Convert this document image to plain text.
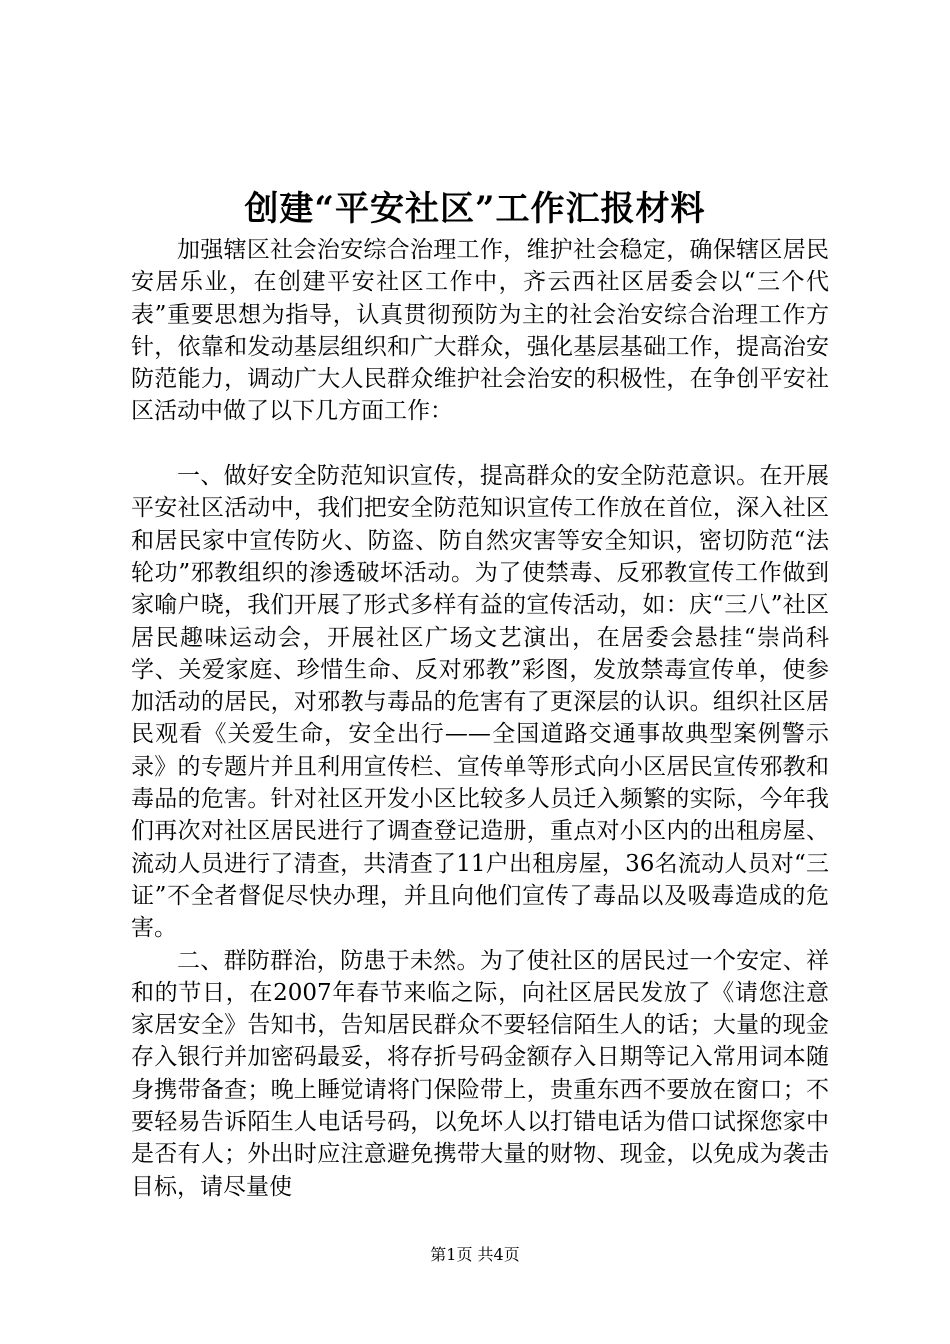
创建“平安社区”工作汇报材料

加强辖区社会治安综合治理工作，维护社会稳定，确保辖区居民安居乐业，在创建平安社区工作中，齐云西社区居委会以“三个代表”重要思想为指导，认真贯彻预防为主的社会治安综合治理工作方针，依靠和发动基层组织和广大群众，强化基层基础工作，提高治安防范能力，调动广大人民群众维护社会治安的积极性，在争创平安社区活动中做了以下几方面工作：

一、做好安全防范知识宣传，提高群众的安全防范意识。在开展平安社区活动中，我们把安全防范知识宣传工作放在首位，深入社区和居民家中宣传防火、防盗、防自然灾害等安全知识，密切防范“法轮功”邪教组织的渗透破坏活动。为了使禁毒、反邪教宣传工作做到家喻户晓，我们开展了形式多样有益的宣传活动，如：庆“三八”社区居民趣味运动会，开展社区广场文艺演出，在居委会悬挂“崇尚科学、关爱家庭、珍惜生命、反对邪教”彩图，发放禁毒宣传单，使参加活动的居民，对邪教与毒品的危害有了更深层的认识。组织社区居民观看《关爱生命，安全出行——全国道路交通事故典型案例警示录》的专题片并且利用宣传栏、宣传单等形式向小区居民宣传邪教和毒品的危害。针对社区开发小区比较多人员迁入频繁的实际，今年我们再次对社区居民进行了调查登记造册，重点对小区内的出租房屋、流动人员进行了清查，共清查了11户出租房屋，36名流动人员对“三证”不全者督促尽快办理，并且向他们宣传了毒品以及吸毒造成的危害。

二、群防群治，防患于未然。为了使社区的居民过一个安定、祥和的节日，在2007年春节来临之际，向社区居民发放了《请您注意家居安全》告知书，告知居民群众不要轻信陌生人的话；大量的现金存入银行并加密码最妥，将存折号码金额存入日期等记入常用词本随身携带备查；晚上睡觉请将门保险带上，贵重东西不要放在窗口；不要轻易告诉陌生人电话号码，以免坏人以打错电话为借口试探您家中是否有人；外出时应注意避免携带大量的财物、现金，以免成为袭击目标，请尽量使

第1页 共4页
